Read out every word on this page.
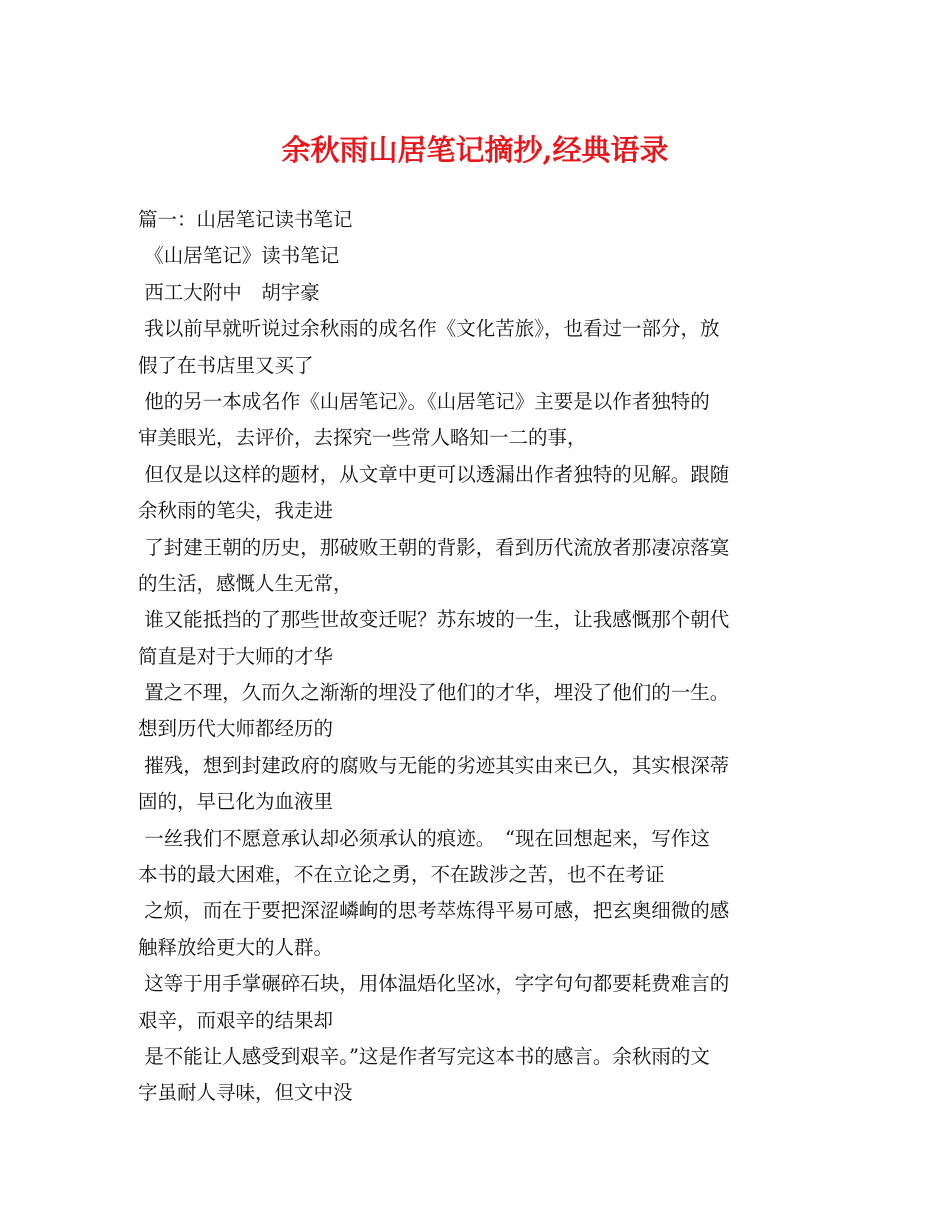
余秋雨山居笔记摘抄,经典语录
篇一：山居笔记读书笔记
《山居笔记》读书笔记
西工大附中　胡宇豪
我以前早就听说过余秋雨的成名作《文化苦旅》，也看过一部分，放
假了在书店里又买了
他的另一本成名作《山居笔记》。《山居笔记》主要是以作者独特的
审美眼光，去评价，去探究一些常人略知一二的事，
但仅是以这样的题材，从文章中更可以透漏出作者独特的见解。跟随
余秋雨的笔尖，我走进
了封建王朝的历史，那破败王朝的背影，看到历代流放者那凄凉落寞
的生活，感慨人生无常，
谁又能抵挡的了那些世故变迁呢？苏东坡的一生，让我感慨那个朝代
简直是对于大师的才华
置之不理，久而久之渐渐的埋没了他们的才华，埋没了他们的一生。
想到历代大师都经历的
摧残，想到封建政府的腐败与无能的劣迹其实由来已久，其实根深蒂
固的，早已化为血液里
一丝我们不愿意承认却必须承认的痕迹。　“现在回想起来，写作这
本书的最大困难，不在立论之勇，不在跋涉之苦，也不在考证
之烦，而在于要把深涩嶙峋的思考萃炼得平易可感，把玄奥细微的感
触释放给更大的人群。
这等于用手掌碾碎石块，用体温焐化坚冰，字字句句都要耗费难言的
艰辛，而艰辛的结果却
是不能让人感受到艰辛。”这是作者写完这本书的感言。余秋雨的文
字虽耐人寻味，但文中没
